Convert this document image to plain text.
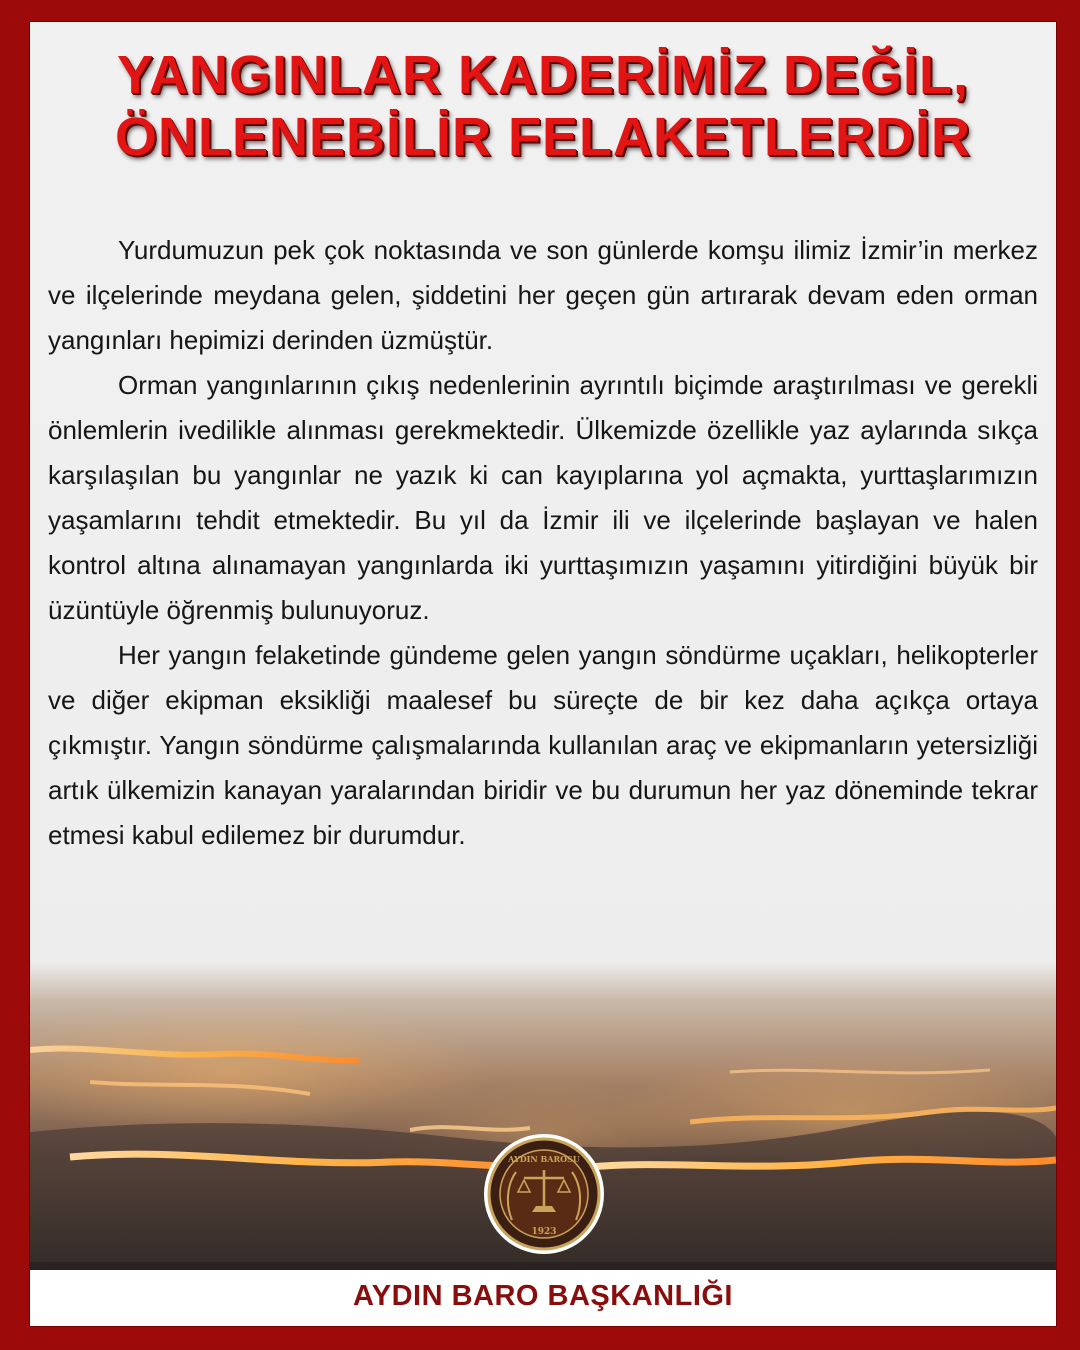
YANGINLAR KADERİMİZ DEĞİL,
ÖNLENEBİLİR FELAKETLERDİR

Yurdumuzun pek çok noktasında ve son günlerde komşu ilimiz İzmir’in merkez ve ilçelerinde meydana gelen, şiddetini her geçen gün artırarak devam eden orman yangınları hepimizi derinden üzmüştür.

Orman yangınlarının çıkış nedenlerinin ayrıntılı biçimde araştırılması ve gerekli önlemlerin ivedilikle alınması gerekmektedir. Ülkemizde özellikle yaz aylarında sıkça karşılaşılan bu yangınlar ne yazık ki can kayıplarına yol açmakta, yurttaşlarımızın yaşamlarını tehdit etmektedir. Bu yıl da İzmir ili ve ilçelerinde başlayan ve halen kontrol altına alınamayan yangınlarda iki yurttaşımızın yaşamını yitirdiğini büyük bir üzüntüyle öğrenmiş bulunuyoruz.

Her yangın felaketinde gündeme gelen yangın söndürme uçakları, helikopterler ve diğer ekipman eksikliği maalesef bu süreçte de bir kez daha açıkça ortaya çıkmıştır. Yangın söndürme çalışmalarında kullanılan araç ve ekipmanların yetersizliği artık ülkemizin kanayan yaralarından biridir ve bu durumun her yaz döneminde tekrar etmesi kabul edilemez bir durumdur.

AYDIN BAROSU
1923
AYDIN BARO BAŞKANLIĞI
